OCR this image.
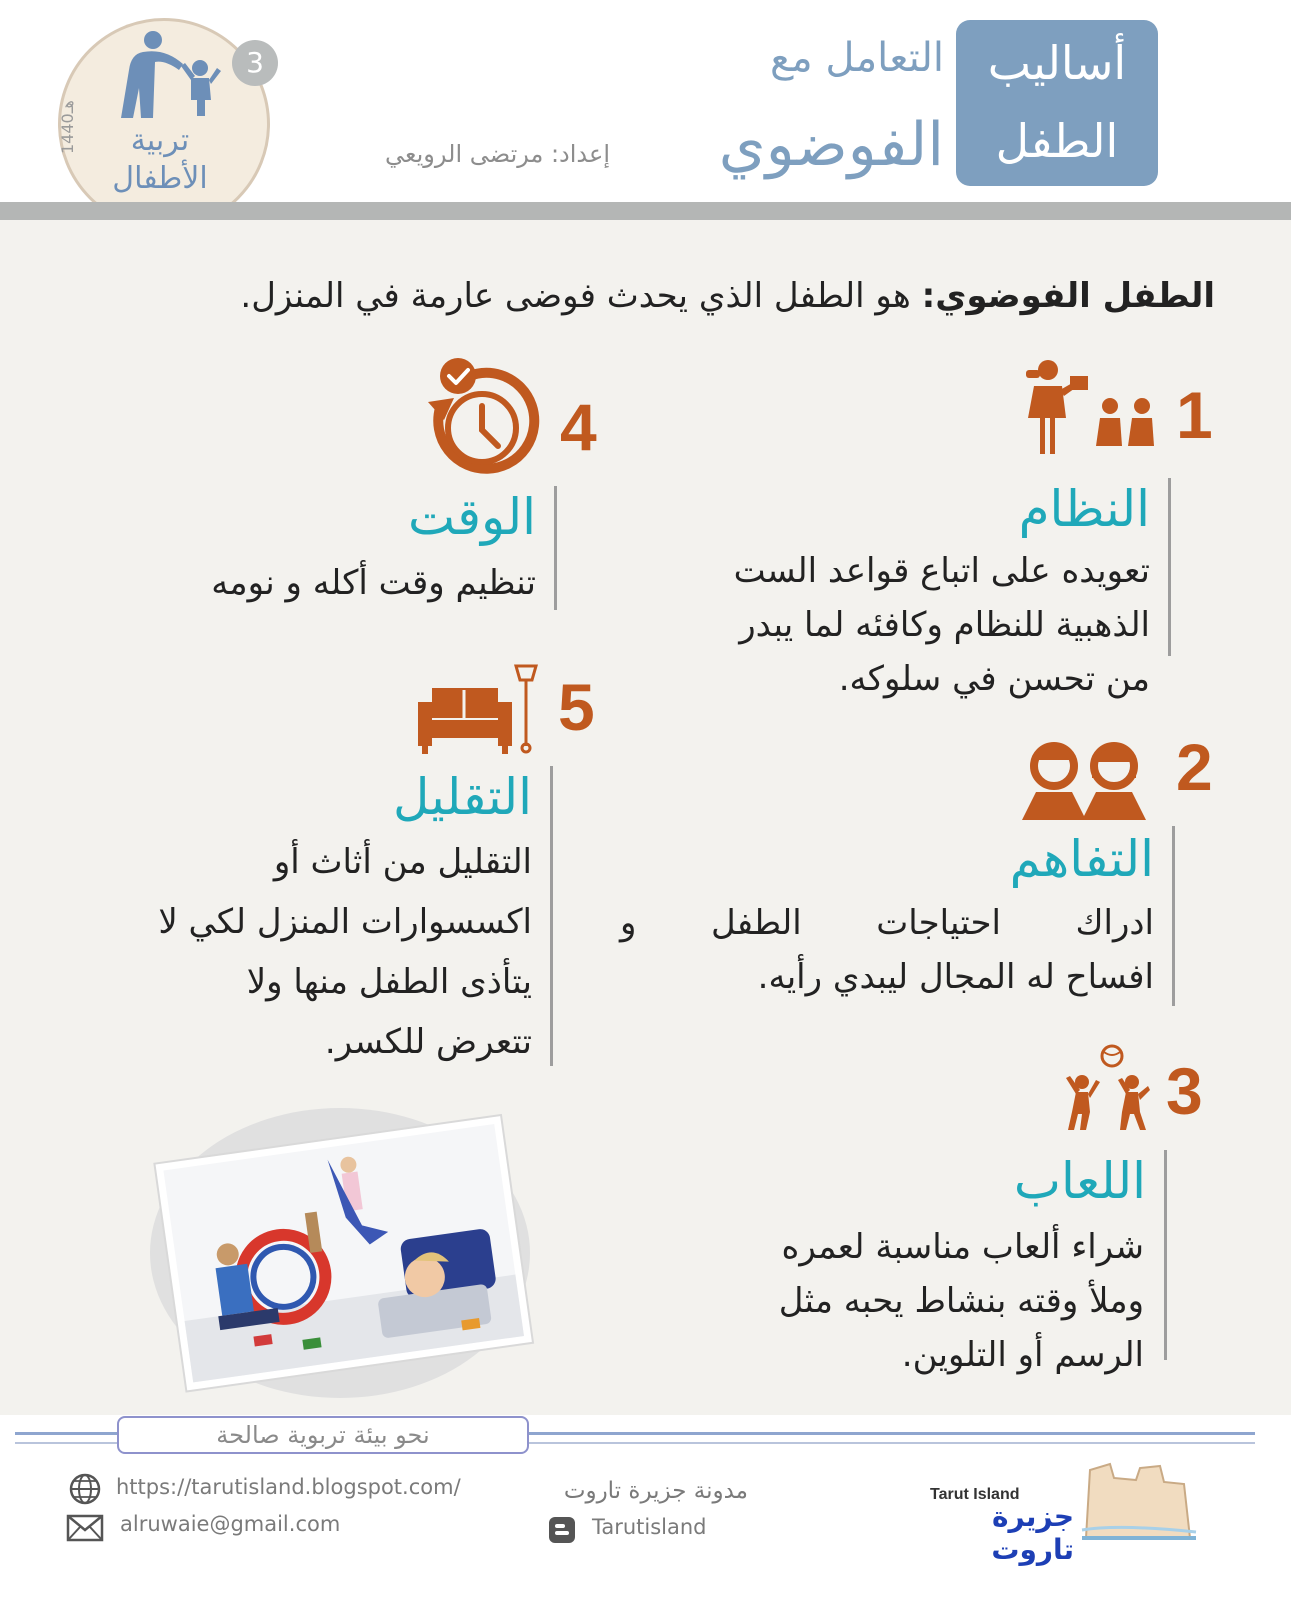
3
1440هـ
تربية
الأطفال
أساليب
الطفل
التعامل مع
الفوضوي
إعداد: مرتضى الرويعي
الطفل الفوضوي: هو الطفل الذي يحدث فوضى عارمة في المنزل.
1
النظام
تعويده على اتباع قواعد الست
الذهبية للنظام وكافئه لما يبدر
من تحسن في سلوكه.
2
التفاهم
ادراك احتياجات الطفل و
افساح له المجال ليبدي رأيه.
3
اللعاب
شراء ألعاب مناسبة لعمره
وملأ وقته بنشاط يحبه مثل
الرسم أو التلوين.
4
الوقت
تنظيم وقت أكله و نومه
5
التقليل
التقليل من أثاث أو
اكسسوارات المنزل لكي لا
يتأذى الطفل منها ولا
تتعرض للكسر.
نحو بيئة تربوية صالحة
https://tarutisland.blogspot.com/
alruwaie@gmail.com
مدونة جزيرة تاروت
Tarutisland
Tarut Island
جزيرة تاروت
